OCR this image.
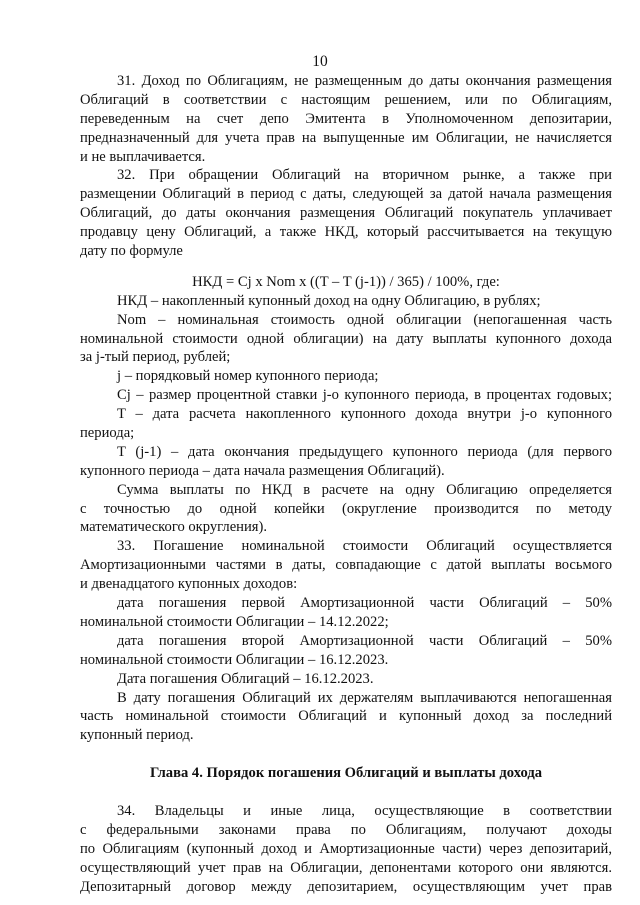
10
31. Доход по Облигациям, не размещенным до даты окончания размещения
Облигаций в соответствии с настоящим решением, или по Облигациям,
переведенным на счет депо Эмитента в Уполномоченном депозитарии,
предназначенный для учета прав на выпущенные им Облигации, не начисляется
и не выплачивается.
32. При обращении Облигаций на вторичном рынке, а также при
размещении Облигаций в период с даты, следующей за датой начала размещения
Облигаций, до даты окончания размещения Облигаций покупатель уплачивает
продавцу цену Облигаций, а также НКД, который рассчитывается на текущую
дату по формуле
НКД = Cj x Nom x ((T – T (j-1)) / 365) / 100%, где:
НКД – накопленный купонный доход на одну Облигацию, в рублях;
Nom – номинальная стоимость одной облигации (непогашенная часть
номинальной стоимости одной облигации) на дату выплаты купонного дохода
за j-тый период, рублей;
j – порядковый номер купонного периода;
Cj – размер процентной ставки j-о купонного периода, в процентах годовых;
T – дата расчета накопленного купонного дохода внутри j-о купонного
периода;
T (j-1) – дата окончания предыдущего купонного периода (для первого
купонного периода – дата начала размещения Облигаций).
Сумма выплаты по НКД в расчете на одну Облигацию определяется
с точностью до одной копейки (округление производится по методу
математического округления).
33. Погашение номинальной стоимости Облигаций осуществляется
Амортизационными частями в даты, совпадающие с датой выплаты восьмого
и двенадцатого купонных доходов:
дата погашения первой Амортизационной части Облигаций – 50%
номинальной стоимости Облигации – 14.12.2022;
дата погашения второй Амортизационной части Облигаций – 50%
номинальной стоимости Облигации – 16.12.2023.
Дата погашения Облигаций – 16.12.2023.
В дату погашения Облигаций их держателям выплачиваются непогашенная
часть номинальной стоимости Облигаций и купонный доход за последний
купонный период.
Глава 4. Порядок погашения Облигаций и выплаты дохода
34. Владельцы и иные лица, осуществляющие в соответствии
с федеральными законами права по Облигациям, получают доходы
по Облигациям (купонный доход и Амортизационные части) через депозитарий,
осуществляющий учет прав на Облигации, депонентами которого они являются.
Депозитарный договор между депозитарием, осуществляющим учет прав
